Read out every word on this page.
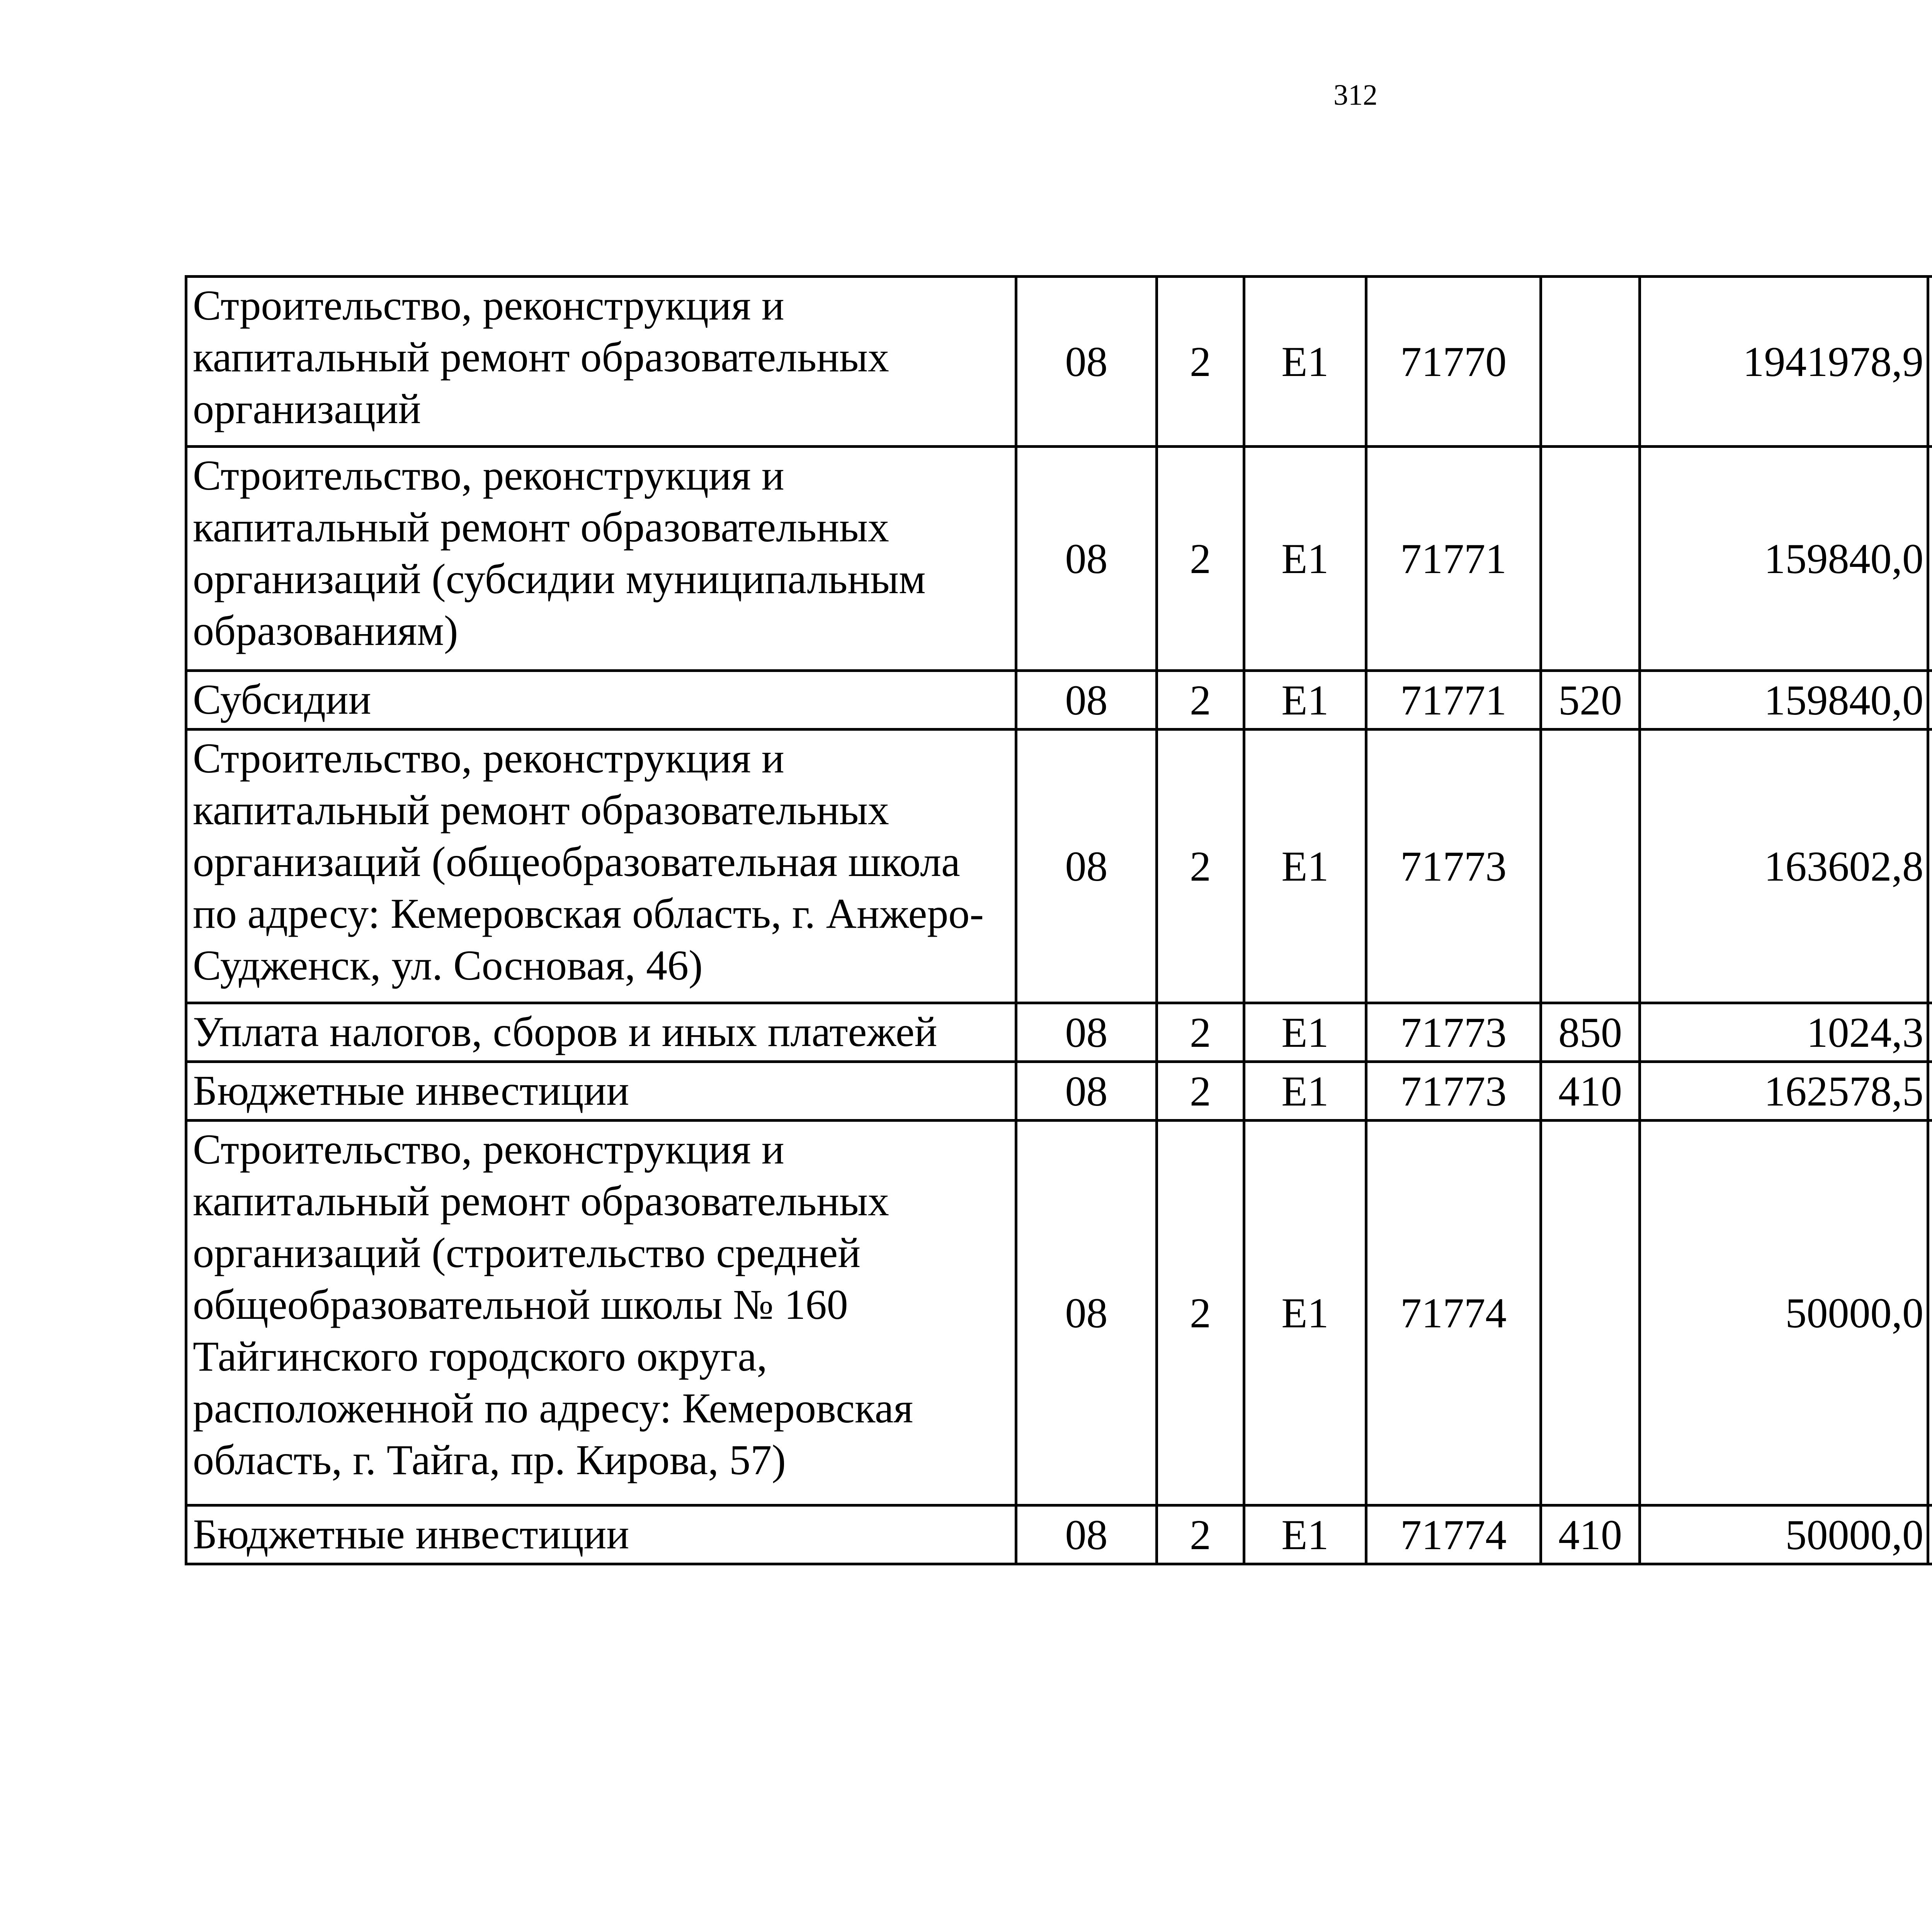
312
Строительство, реконструкция и капитальный ремонт образовательных организаций	08	2	Е1	71770		1941978,9		
Строительство, реконструкция и капитальный ремонт образовательных организаций (субсидии муниципальным образованиям)	08	2	Е1	71771		159840,0		
Субсидии	08	2	Е1	71771	520	159840,0		
Строительство, реконструкция и капитальный ремонт образовательных организаций (общеобразовательная школа по адресу: Кемеровская область, г. Анжеро-Судженск, ул. Сосновая, 46)	08	2	Е1	71773		163602,8		
Уплата налогов, сборов и иных платежей	08	2	Е1	71773	850	1024,3		
Бюджетные инвестиции	08	2	Е1	71773	410	162578,5		
Строительство, реконструкция и капитальный ремонт образовательных организаций (строительство средней общеобразовательной школы № 160 Тайгинского городского округа, расположенной по адресу: Кемеровская область, г. Тайга, пр. Кирова, 57)	08	2	Е1	71774		50000,0		
Бюджетные инвестиции	08	2	Е1	71774	410	50000,0		
